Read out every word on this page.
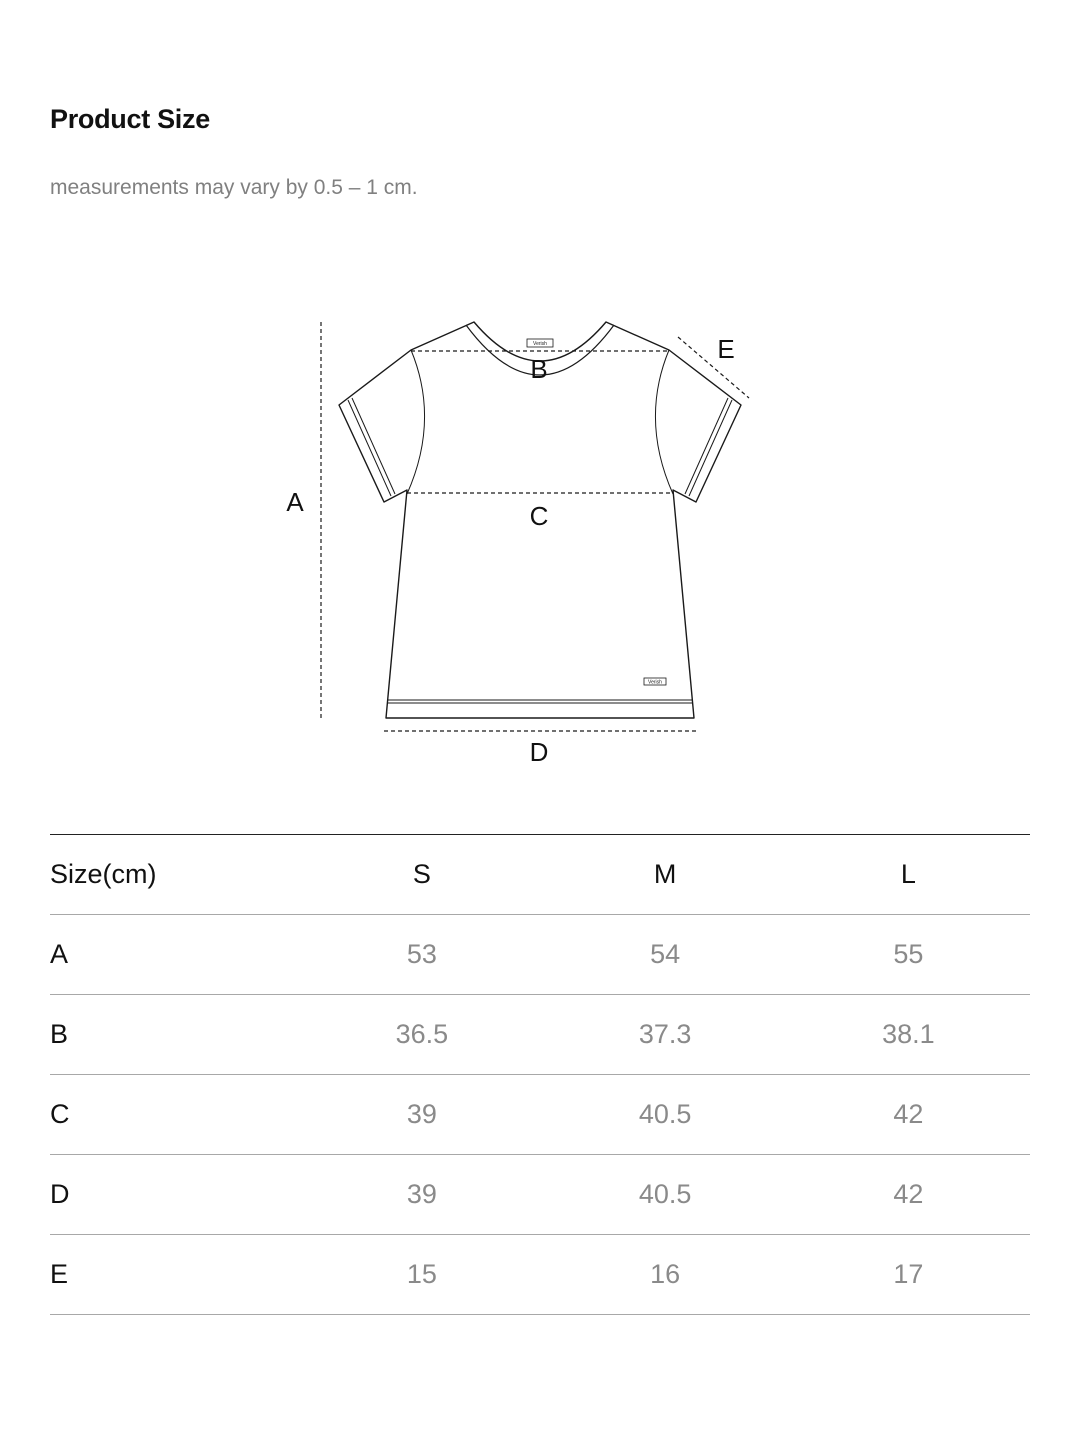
Product Size

measurements may vary by 0.5 – 1 cm.

Verish
Verish
A
B
C
D
E
Size(cm)	S	M	L
A	53	54	55
B	36.5	37.3	38.1
C	39	40.5	42
D	39	40.5	42
E	15	16	17
